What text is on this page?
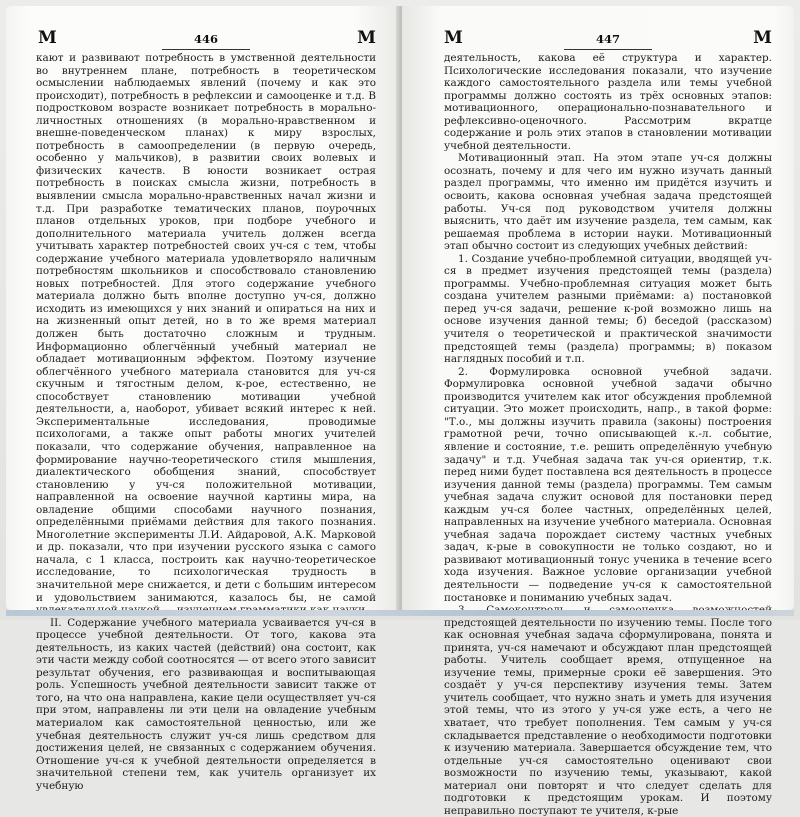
М	446	М

кают и развивают потребность в умственной деятельности во внутреннем плане, потребность в теоретическом осмыслении наблюдаемых явлений (почему и как это происходит), потребность в рефлексии и самооценке и т.д. В подростковом возрасте возникает потребность в морально-личностных отношениях (в морально-нравственном и внешне-поведенческом планах) к миру взрослых, потребность в самоопределении (в первую очередь, особенно у мальчиков), в развитии своих волевых и физических качеств. В юности возникает острая потребность в поисках смысла жизни, потребность в выявлении смысла морально-нравственных начал жизни и т.д. При разработке тематических планов, поурочных планов отдельных уроков, при подборе учебного и дополнительного материала учитель должен всегда учитывать характер потребностей своих уч-ся с тем, чтобы содержание учебного материала удовлетворяло наличным потребностям школьников и способствовало становлению новых потребностей. Для этого содержание учебного материала должно быть вполне доступно уч-ся, должно исходить из имеющихся у них знаний и опираться на них и на жизненный опыт детей, но в то же время материал должен быть достаточно сложным и трудным. Информационно облегчённый учебный материал не обладает мотивационным эффектом. Поэтому изучение облегчённого учебного материала становится для уч-ся скучным и тягостным делом, к-рое, естественно, не способствует становлению мотивации учебной деятельности, а, наоборот, убивает всякий интерес к ней. Экспериментальные исследования, проводимые психологами, а также опыт работы многих учителей показали, что содержание обучения, направленное на формирование научно-теоретического стиля мышления, диалектического обобщения знаний, способствует становлению у уч-ся положительной мотивации, направленной на освоение научной картины мира, на овладение общими способами научного познания, определёнными приёмами действия для такого познания. Многолетние эксперименты Л.И. Айдаровой, А.К. Марковой и др. показали, что при изучении русского языка с самого начала, с 1 класса, построить как научно-теоретическое исследование, то психологическая трудность в значительной мере снижается, и дети с большим интересом и удовольствием занимаются, казалось бы, не самой

II. Содержание учебного материала усваивается уч-ся в процессе учебной деятельности. От того, какова эта деятельность, из каких частей (действий) она состоит, как эти части между собой соотносятся — от всего этого зависит результат обучения, его развивающая и воспитывающая роль. Успешность учебной деятельности зависит также от того, на что она направлена, какие цели осуществляет уч-ся при этом, направлены ли эти цели на овладение учебным материалом как самостоятельной ценностью, или же учебная деятельность служит уч-ся лишь средством для достижения целей, не связанных с содержанием обучения. Отношение уч-ся к учебной деятельности определяется в значительной степени тем, как учитель организует их учебную

М	447	М

деятельность, какова её структура и характер. Психологические исследования показали, что изучение каждого самостоятельного раздела или темы учебной программы должно состоять из трёх основных этапов: мотивационного, операционально-познавательного и рефлексивно-оценочного. Рассмотрим вкратце содержание и роль этих этапов в становлении мотивации учебной деятельности.

Мотивационный этап. На этом этапе уч-ся должны осознать, почему и для чего им нужно изучать данный раздел программы, что именно им придётся изучить и освоить, какова основная учебная задача предстоящей работы. Уч-ся под руководством учителя должны выяснить, что даёт им изучение раздела, тем самым, как решаемая проблема в истории науки. Мотивационный этап обычно состоит из следующих учебных действий:

1. Создание учебно-проблемной ситуации, вводящей уч-ся в предмет изучения предстоящей темы (раздела) программы. Учебно-проблемная ситуация может быть создана учителем разными приёмами: а) постановкой перед уч-ся задачи, решение к-рой возможно лишь на основе изучения данной темы; б) беседой (рассказом) учителя о теоретической и практической значимости предстоящей темы (раздела) программы; в) показом наглядных пособий и т.п.

2. Формулировка основной учебной задачи. Формулировка основной учебной задачи обычно производится учителем как итог обсуждения проблемной ситуации. Это может происходить, напр., в такой форме: "Т.о., мы должны изучить правила (законы) построения грамотной речи, точно описывающей к.-л. событие, явление и состояние, т.е. решить определённую учебную задачу" и т.д. Учебная задача так уч-ся ориентир, т.к. перед ними будет поставлена вся деятельность в процессе изучения данной темы (раздела) программы. Тем самым учебная задача служит основой для постановки перед каждым уч-ся более частных, определённых целей, направленных на изучение учебного материала. Основная учебная задача порождает систему частных учебных задач, к-рые в совокупности не только создают, но и развивают мотивационный тонус ученика в течение всего хода изучения. Важное условие организации учебной деятельности — подведение уч-ся к самостоятельной постановке и пониманию учебных задач.

предстоящей деятельности по изучению темы. После того как основная учебная задача сформулирована, понята и принята, уч-ся намечают и обсуждают план предстоящей работы. Учитель сообщает время, отпущенное на изучение темы, примерные сроки её завершения. Это создаёт у уч-ся перспективу изучения темы. Затем учитель сообщает, что нужно знать и уметь для изучения этой темы, что из этого у уч-ся уже есть, а чего не хватает, что требует пополнения. Тем самым у уч-ся складывается представление о необходимости подготовки к изучению материала. Завершается обсуждение тем, что отдельные уч-ся самостоятельно оценивают свои возможности по изучению темы, указывают, какой материал они повторят и что следует сделать для подготовки к предстоящим урокам. И поэтому неправильно поступают те учителя, к-рые
